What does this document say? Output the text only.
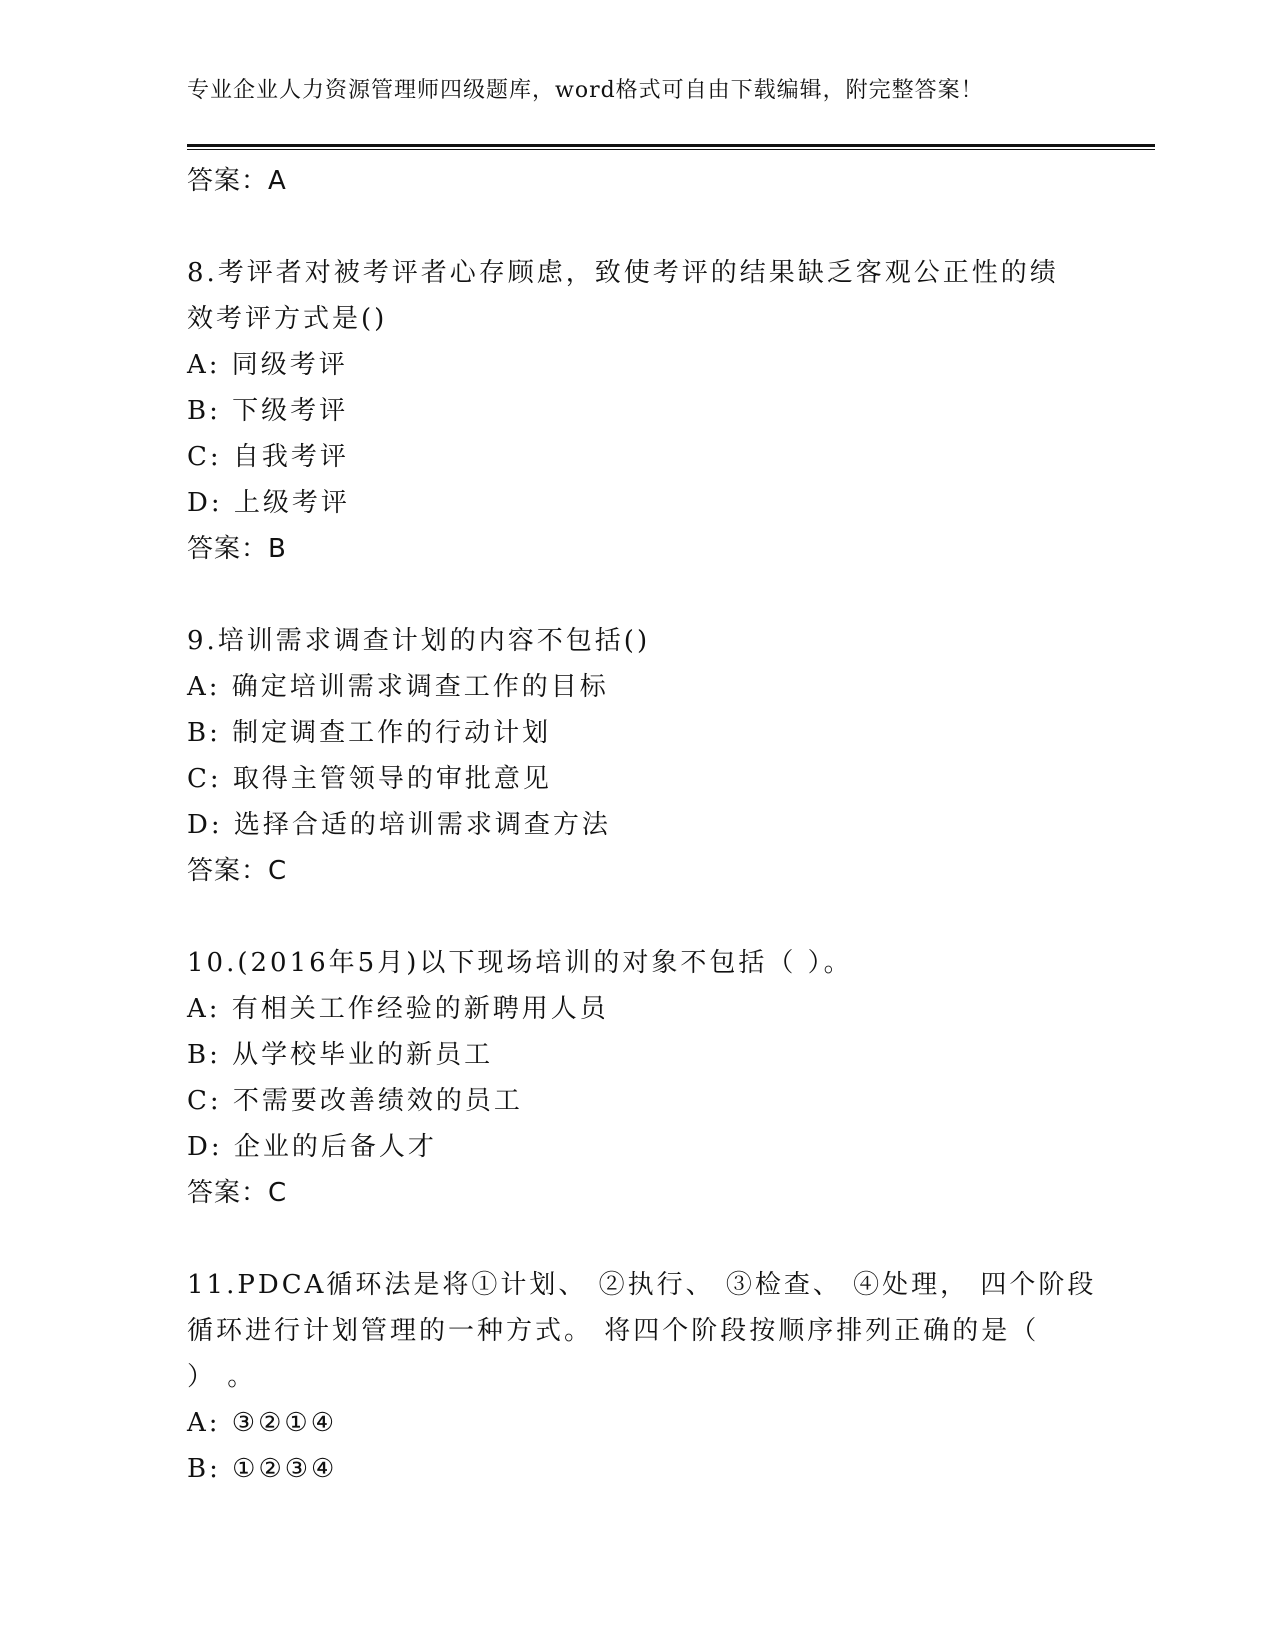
专业企业人力资源管理师四级题库，word格式可自由下载编辑，附完整答案！
答案：A
8.考评者对被考评者心存顾虑，致使考评的结果缺乏客观公正性的绩
效考评方式是()
A: 同级考评
B: 下级考评
C: 自我考评
D: 上级考评
答案：B
9.培训需求调查计划的内容不包括()
A: 确定培训需求调查工作的目标
B: 制定调查工作的行动计划
C: 取得主管领导的审批意见
D: 选择合适的培训需求调查方法
答案：C
10.(2016年5月)以下现场培训的对象不包括（ ）。
A: 有相关工作经验的新聘用人员
B: 从学校毕业的新员工
C: 不需要改善绩效的员工
D: 企业的后备人才
答案：C
11.PDCA循环法是将①计划、 ②执行、 ③检查、 ④处理， 四个阶段
循环进行计划管理的一种方式。 将四个阶段按顺序排列正确的是（
） 。
A: ③②①④
B: ①②③④
